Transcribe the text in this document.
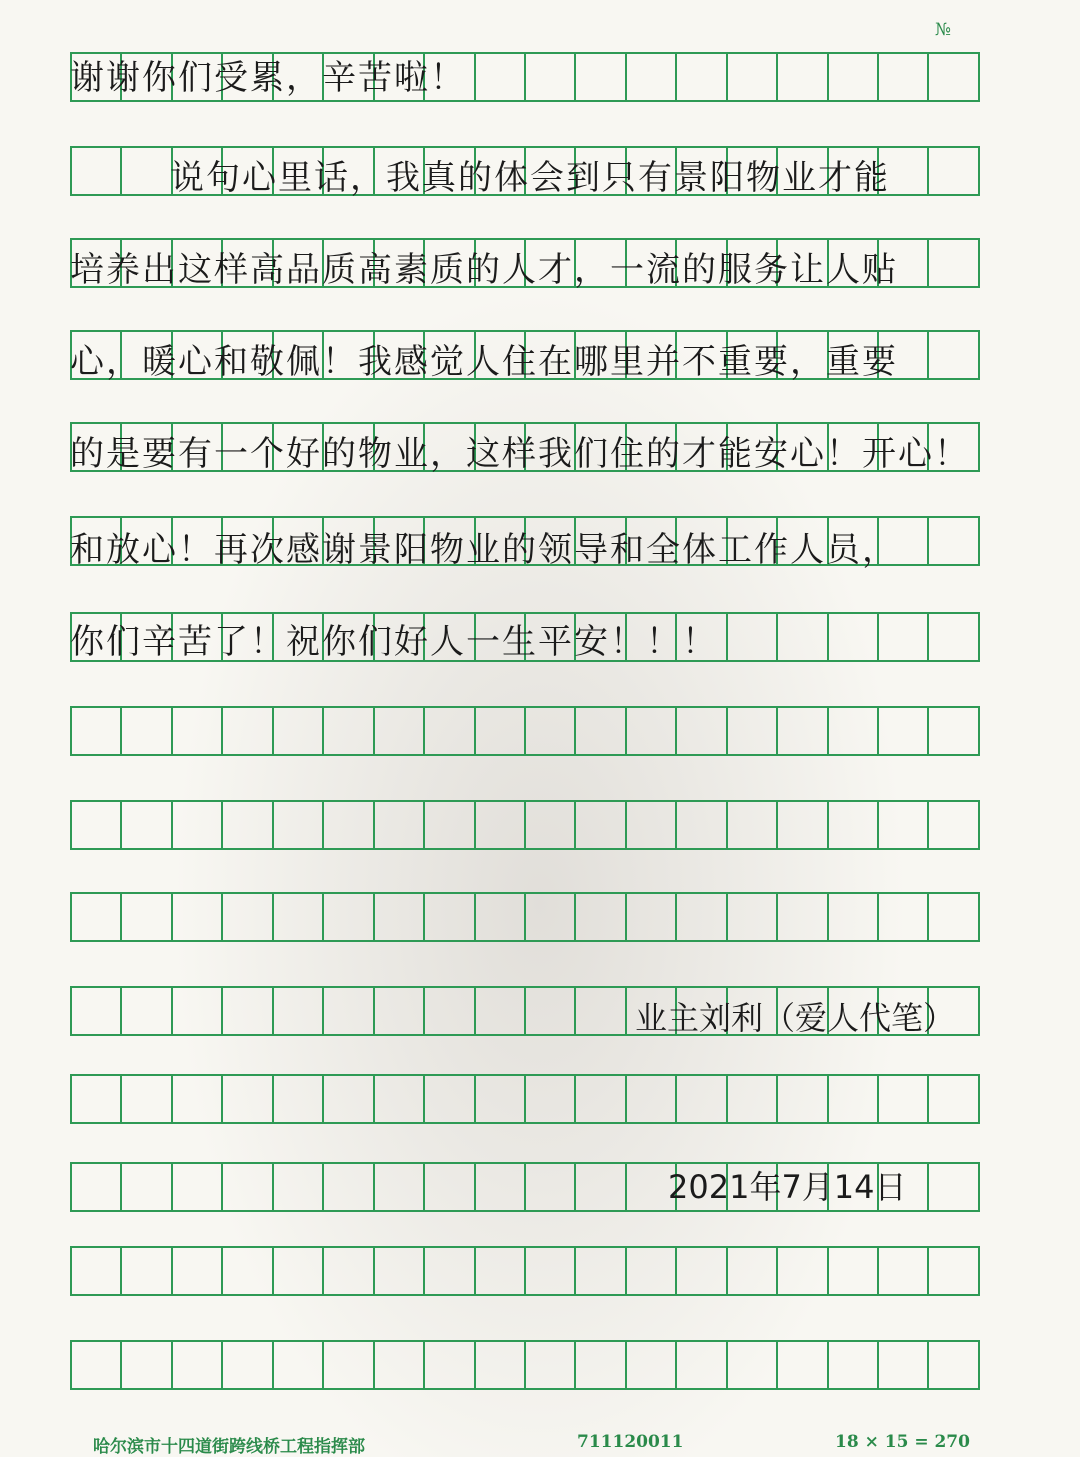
№
谢谢你们受累，辛苦啦！
说句心里话，我真的体会到只有景阳物业才能
培养出这样高品质高素质的人才，一流的服务让人贴
心，暖心和敬佩！我感觉人住在哪里并不重要，重要
的是要有一个好的物业，这样我们住的才能安心！开心！
和放心！再次感谢景阳物业的领导和全体工作人员，
你们辛苦了！祝你们好人一生平安！！！
业主刘利（爱人代笔）
2021年7月14日
哈尔滨市十四道街跨线桥工程指挥部	711120011	18 × 15 = 270
